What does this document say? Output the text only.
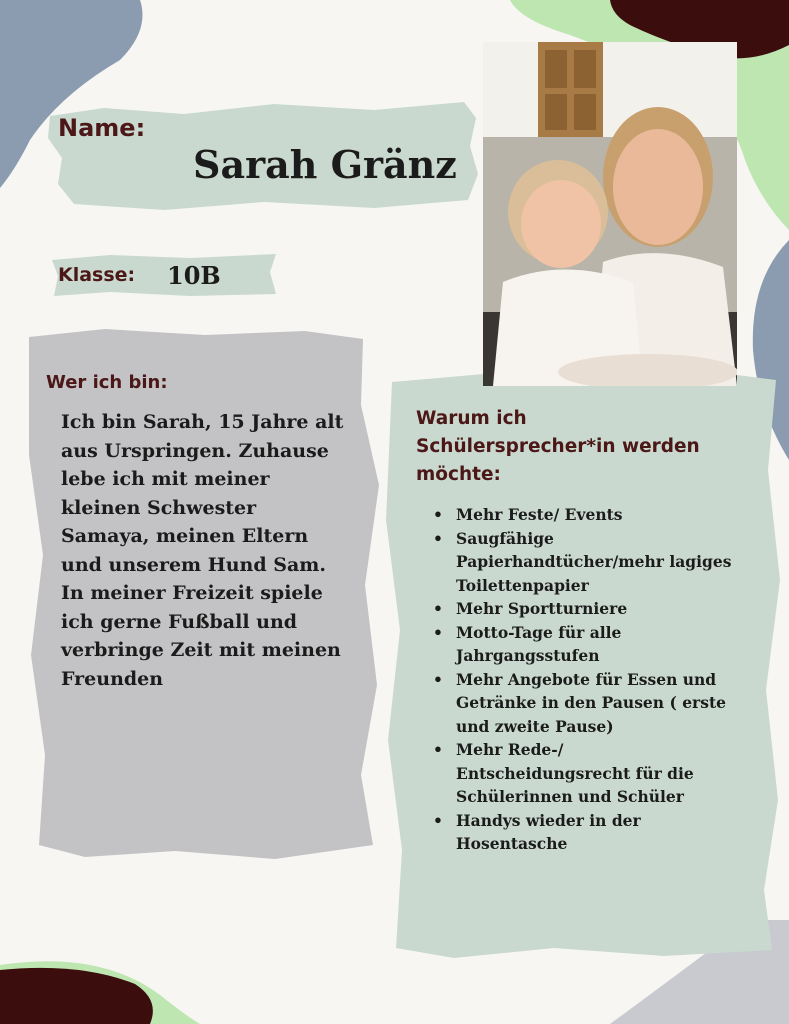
Name:
Sarah Gränz
Klasse: 10B
Wer ich bin:

Ich bin Sarah, 15 Jahre alt aus Urspringen. Zuhause lebe ich mit meiner kleinen Schwester Samaya, meinen Eltern und unserem Hund Sam. In meiner Freizeit spiele ich gerne Fußball und verbringe Zeit mit meinen Freunden

Warum ich
Schülersprecher*in werden
möchte:
• Mehr Feste/ Events
• Saugfähige Papierhandtücher/mehr lagiges Toilettenpapier
• Mehr Sportturniere
• Motto-Tage für alle Jahrgangsstufen
• Mehr Angebote für Essen und Getränke in den Pausen ( erste und zweite Pause)
• Mehr Rede-/ Entscheidungsrecht für die Schülerinnen und Schüler
• Handys wieder in der Hosentasche
